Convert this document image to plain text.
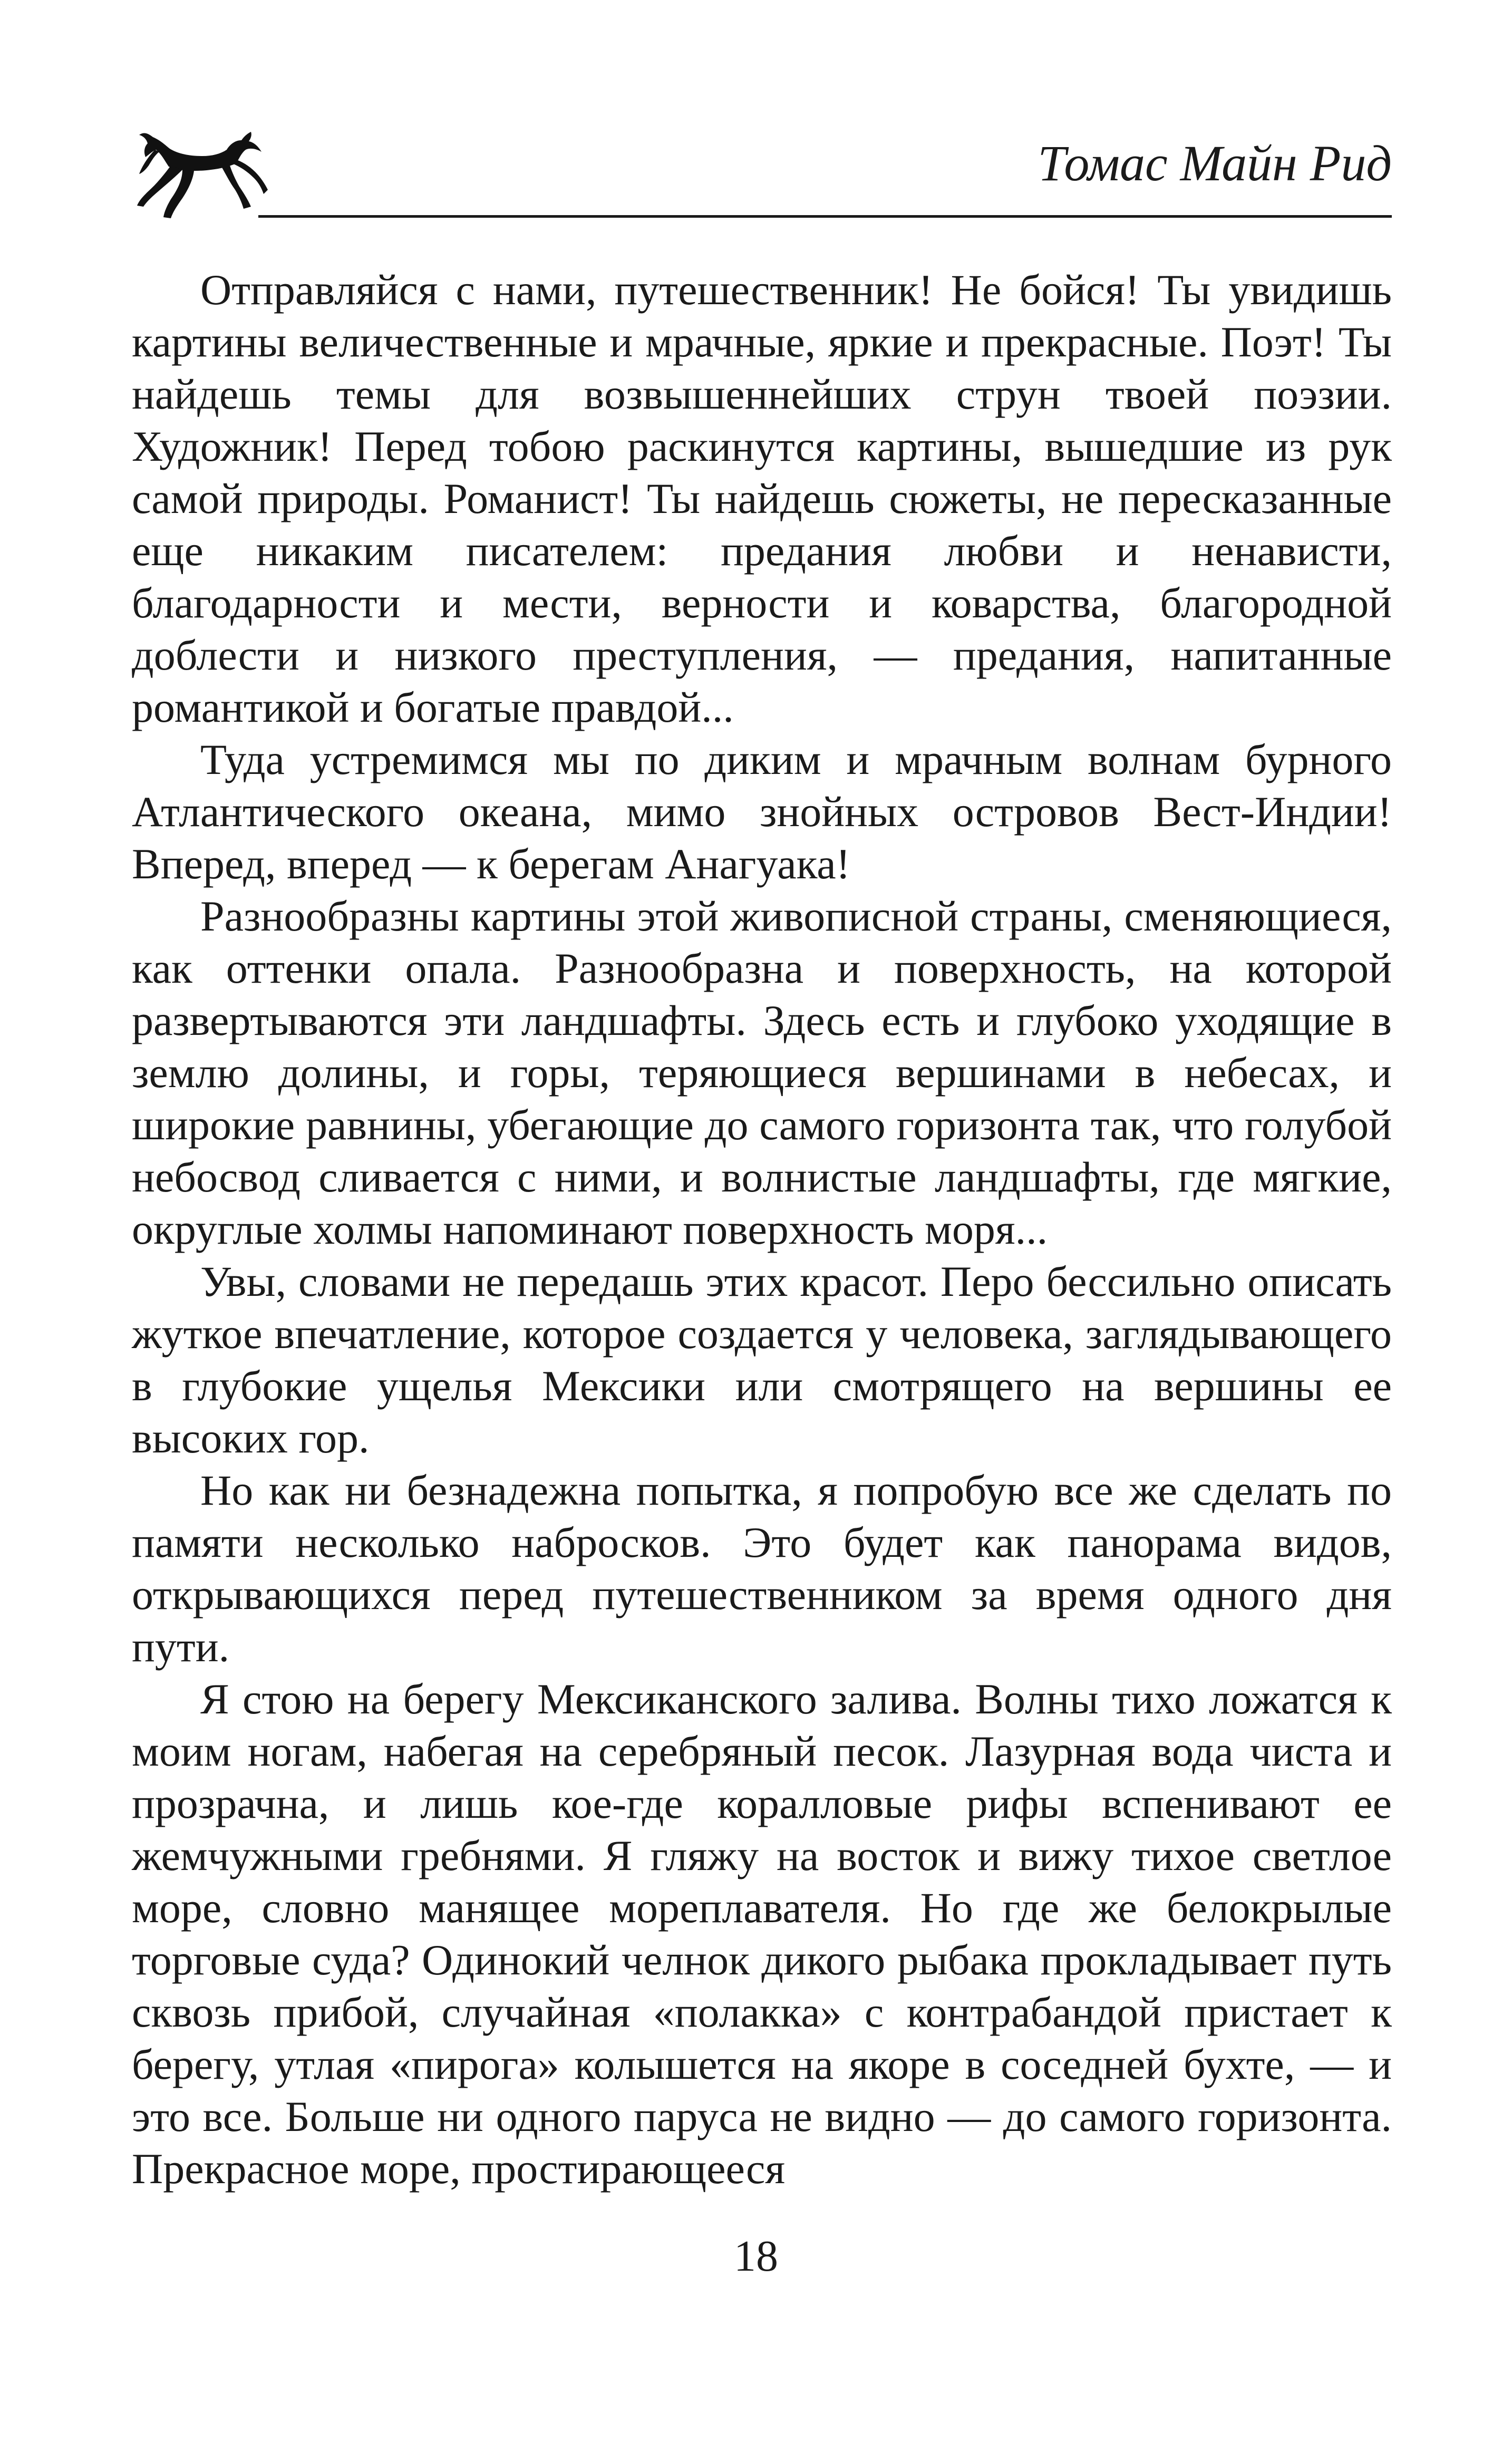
Томас Майн Рид

Отправляйся с нами, путешественник! Не бойся! Ты увидишь картины величественные и мрачные, яркие и прекрасные. Поэт! Ты найдешь темы для возвышеннейших струн твоей поэзии. Художник! Перед тобою раскинутся картины, вышедшие из рук самой природы. Романист! Ты найдешь сюжеты, не пересказанные еще никаким писателем: предания любви и ненависти, благодарности и мести, верности и коварства, благородной доблести и низкого преступления, — предания, напитанные романтикой и богатые правдой...

Туда устремимся мы по диким и мрачным волнам бурного Атлантического океана, мимо знойных островов Вест-Индии! Вперед, вперед — к берегам Анагуака!

Разнообразны картины этой живописной страны, сменяющиеся, как оттенки опала. Разнообразна и поверхность, на которой развертываются эти ландшафты. Здесь есть и глубоко уходящие в землю долины, и горы, теряющиеся вершинами в небесах, и широкие равнины, убегающие до самого горизонта так, что голубой небосвод сливается с ними, и волнистые ландшафты, где мягкие, округлые холмы напоминают поверхность моря...

Увы, словами не передашь этих красот. Перо бессильно описать жуткое впечатление, которое создается у человека, заглядывающего в глубокие ущелья Мексики или смотрящего на вершины ее высоких гор.

Но как ни безнадежна попытка, я попробую все же сделать по памяти несколько набросков. Это будет как панорама видов, открывающихся перед путешественником за время одного дня пути.

Я стою на берегу Мексиканского залива. Волны тихо ложатся к моим ногам, набегая на серебряный песок. Лазурная вода чиста и прозрачна, и лишь кое-где коралловые рифы вспенивают ее жемчужными гребнями. Я гляжу на восток и вижу тихое светлое море, словно манящее мореплавателя. Но где же белокрылые торговые суда? Одинокий челнок дикого рыбака прокладывает путь сквозь прибой, случайная «полакка» с контрабандой пристает к берегу, утлая «пирога» колышется на якоре в соседней бухте, — и это все. Больше ни одного паруса не видно — до самого горизонта. Прекрасное море, простирающееся

18
